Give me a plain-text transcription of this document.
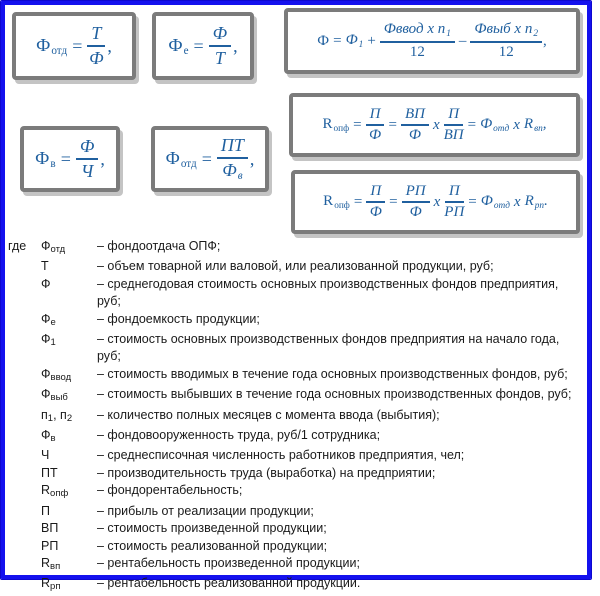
Фотд = $\frac{Т}{Ф}$ ,	Фе = $\frac{Ф}{Т}$ ,	$Ф = Ф1 + \frac{\text{Фввод x n1}}{12} - \frac{\text{Фвыб x n2}}{12}$ ,
Rопф = $\frac{П}{Ф} = \frac{ВП}{Ф}$ x $\frac{П}{ВП}$ = Фотд x Rвп,
Rопф = $\frac{П}{Ф} = \frac{РП}{Ф}$ x $\frac{П}{РП}$ = Фотд x Rрп.
Фв = $\frac{Ф}{Ч}$ ,	Фотд = $\frac{ПТ}{Фв}$ ,
где	Фотд	– фондоотдача ОПФ;
Т	– объем товарной или валовой, или реализованной продукции, руб;
Ф	– среднегодовая стоимость основных производственных фондов предприятия,
руб;
Фе	– фондоемкость продукции;
Ф1	– стоимость основных производственных фондов предприятия на начало года,
руб;
Фввод	– стоимость вводимых в течение года основных производственных фондов, руб;
Фвыб	– стоимость выбывших в течение года основных производственных фондов, руб;
п1, п2	– количество полных месяцев с момента ввода (выбытия);
Фв	– фондовооруженность труда, руб/1 сотрудника;
Ч	– среднесписочная численность работников предприятия, чел;
ПТ	– производительность труда (выработка) на предприятии;
Rопф	– фондорентабельность;
П	– прибыль от реализации продукции;
ВП	– стоимость произведенной продукции;
РП	– стоимость реализованной продукции;
Rвп	– рентабельность произведенной продукции;
Rрп	– рентабельность реализованной продукции.
